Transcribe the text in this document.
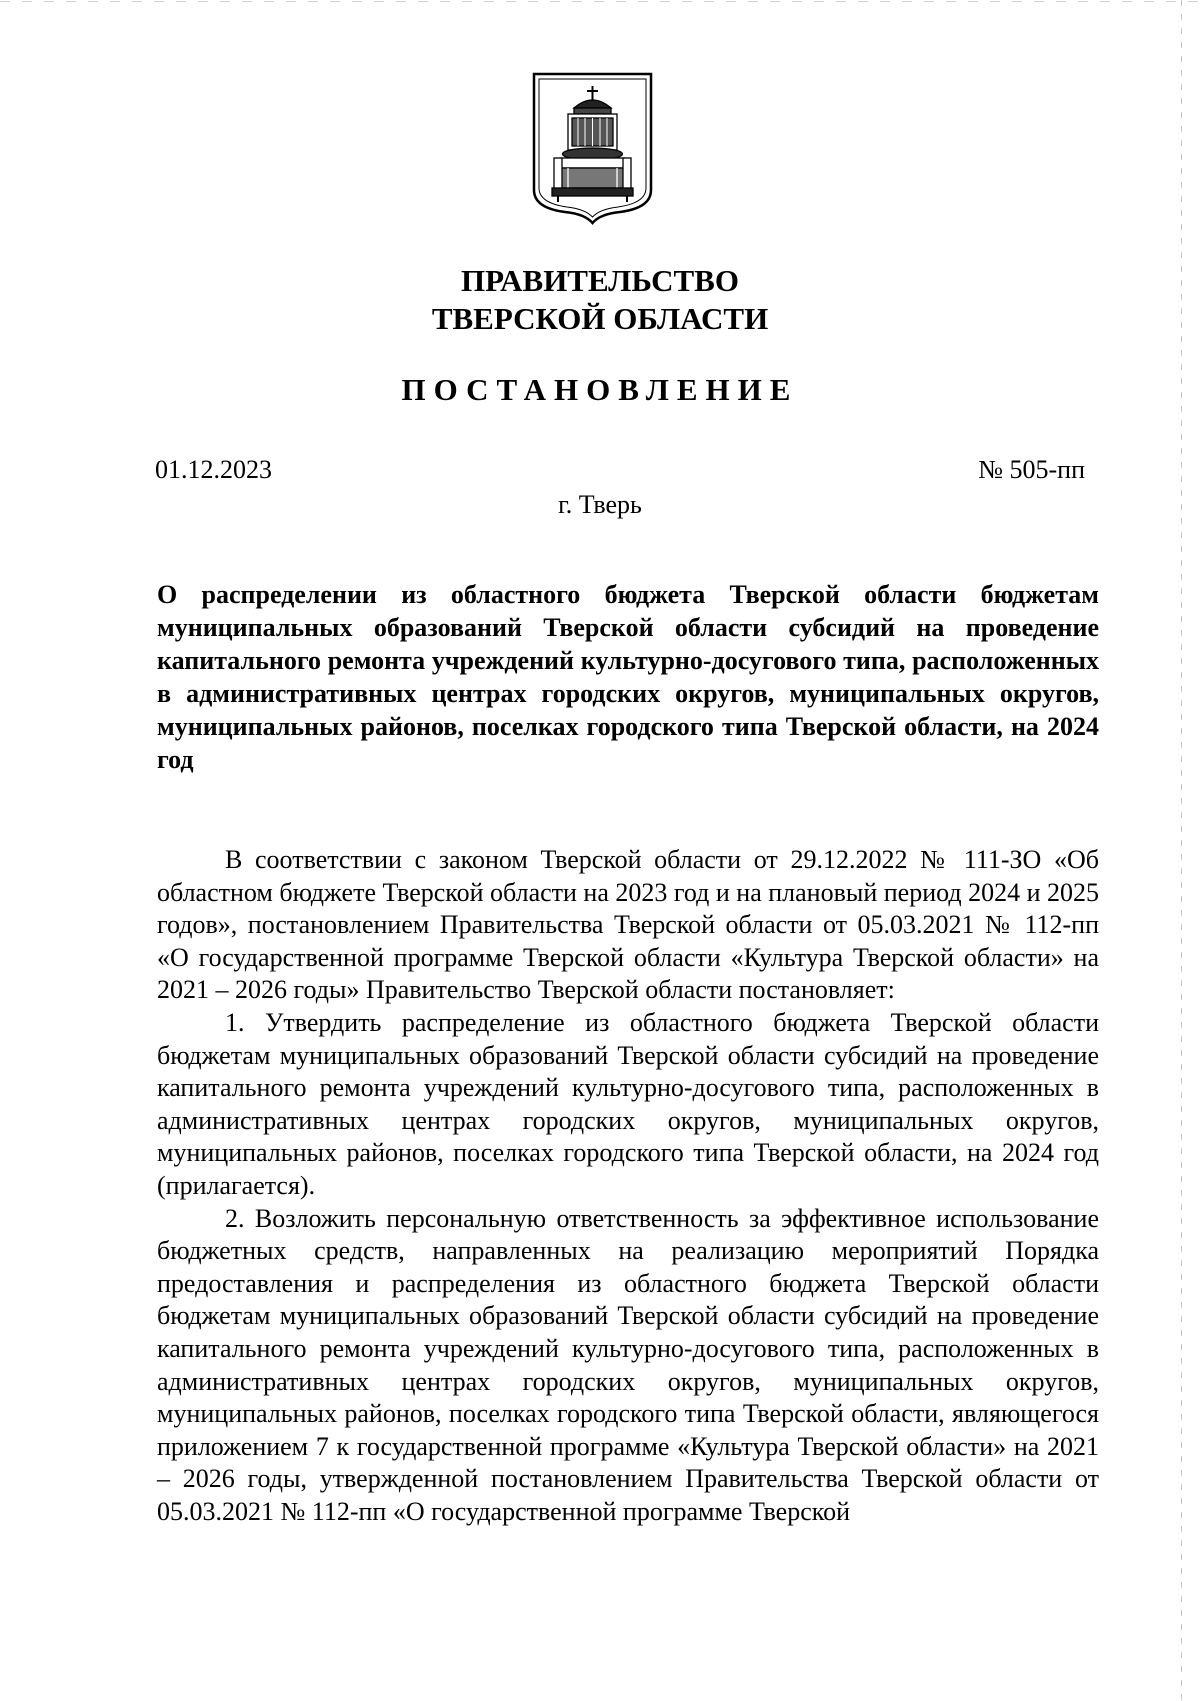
ПРАВИТЕЛЬСТВО
ТВЕРСКОЙ ОБЛАСТИ
ПОСТАНОВЛЕНИЕ
01.12.2023	№ 505-пп
г. Тверь
О распределении из областного бюджета Тверской области бюджетам муниципальных образований Тверской области субсидий на проведение капитального ремонта учреждений культурно-досугового типа, расположенных в административных центрах городских округов, муниципальных округов, муниципальных районов, поселках городского типа Тверской области, на 2024 год

В соответствии с законом Тверской области от 29.12.2022 № 111-ЗО «Об областном бюджете Тверской области на 2023 год и на плановый период 2024 и 2025 годов», постановлением Правительства Тверской области от 05.03.2021 № 112-пп «О государственной программе Тверской области «Культура Тверской области» на 2021 – 2026 годы» Правительство Тверской области постановляет:

1. Утвердить распределение из областного бюджета Тверской области бюджетам муниципальных образований Тверской области субсидий на проведение капитального ремонта учреждений культурно-досугового типа, расположенных в административных центрах городских округов, муниципальных округов, муниципальных районов, поселках городского типа Тверской области, на 2024 год (прилагается).

2. Возложить персональную ответственность за эффективное использование бюджетных средств, направленных на реализацию мероприятий Порядка предоставления и распределения из областного бюджета Тверской области бюджетам муниципальных образований Тверской области субсидий на проведение капитального ремонта учреждений культурно-досугового типа, расположенных в административных центрах городских округов, муниципальных округов, муниципальных районов, поселках городского типа Тверской области, являющегося приложением 7 к государственной программе «Культура Тверской области» на 2021 – 2026 годы, утвержденной постановлением Правительства Тверской области от 05.03.2021 № 112-пп «О государственной программе Тверской
